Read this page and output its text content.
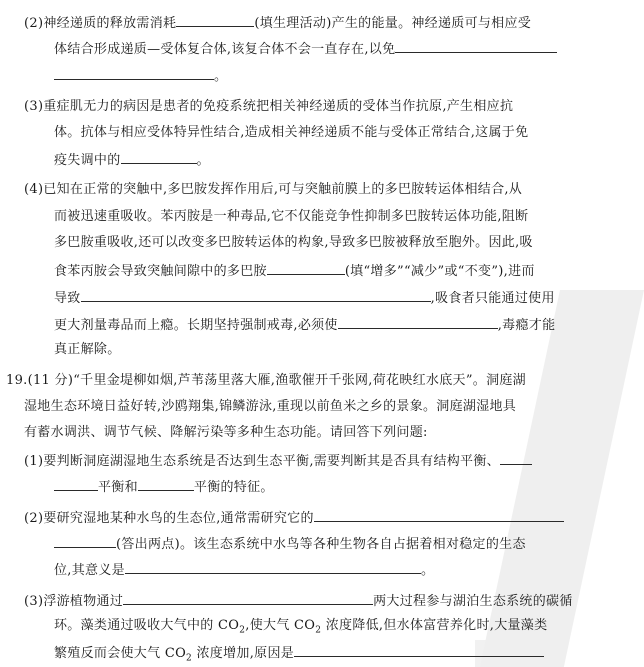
(2)神经递质的释放需消耗	(填生理活动)产生的能量。神经递质可与相应受
体结合形成递质—受体复合体,该复合体不会一直存在,以免
。
(3)重症肌无力的病因是患者的免疫系统把相关神经递质的受体当作抗原,产生相应抗
体。抗体与相应受体特异性结合,造成相关神经递质不能与受体正常结合,这属于免
疫失调中的	。
(4)已知在正常的突触中,多巴胺发挥作用后,可与突触前膜上的多巴胺转运体相结合,从
而被迅速重吸收。苯丙胺是一种毒品,它不仅能竞争性抑制多巴胺转运体功能,阻断
多巴胺重吸收,还可以改变多巴胺转运体的构象,导致多巴胺被释放至胞外。因此,吸
食苯丙胺会导致突触间隙中的多巴胺	(填“增多”“减少”或“不变”),进而
导致	,吸食者只能通过使用
更大剂量毒品而上瘾。长期坚持强制戒毒,必须使	,毒瘾才能
真正解除。
19.(11 分)“千里金堤柳如烟,芦苇荡里落大雁,渔歌催开千张网,荷花映红水底天”。洞庭湖
湿地生态环境日益好转,沙鸥翔集,锦鳞游泳,重现以前鱼米之乡的景象。洞庭湖湿地具
有蓄水调洪、调节气候、降解污染等多种生态功能。请回答下列问题:
(1)要判断洞庭湖湿地生态系统是否达到生态平衡,需要判断其是否具有结构平衡、
平衡和	平衡的特征。
(2)要研究湿地某种水鸟的生态位,通常需研究它的
(答出两点)。该生态系统中水鸟等各种生物各自占据着相对稳定的生态
位,其意义是	。
(3)浮游植物通过	两大过程参与湖泊生态系统的碳循
环。藻类通过吸收大气中的 $CO_2$,使大气 $CO_2$ 浓度降低,但水体富营养化时,大量藻类
繁殖反而会使大气 $CO_2$ 浓度增加,原因是
